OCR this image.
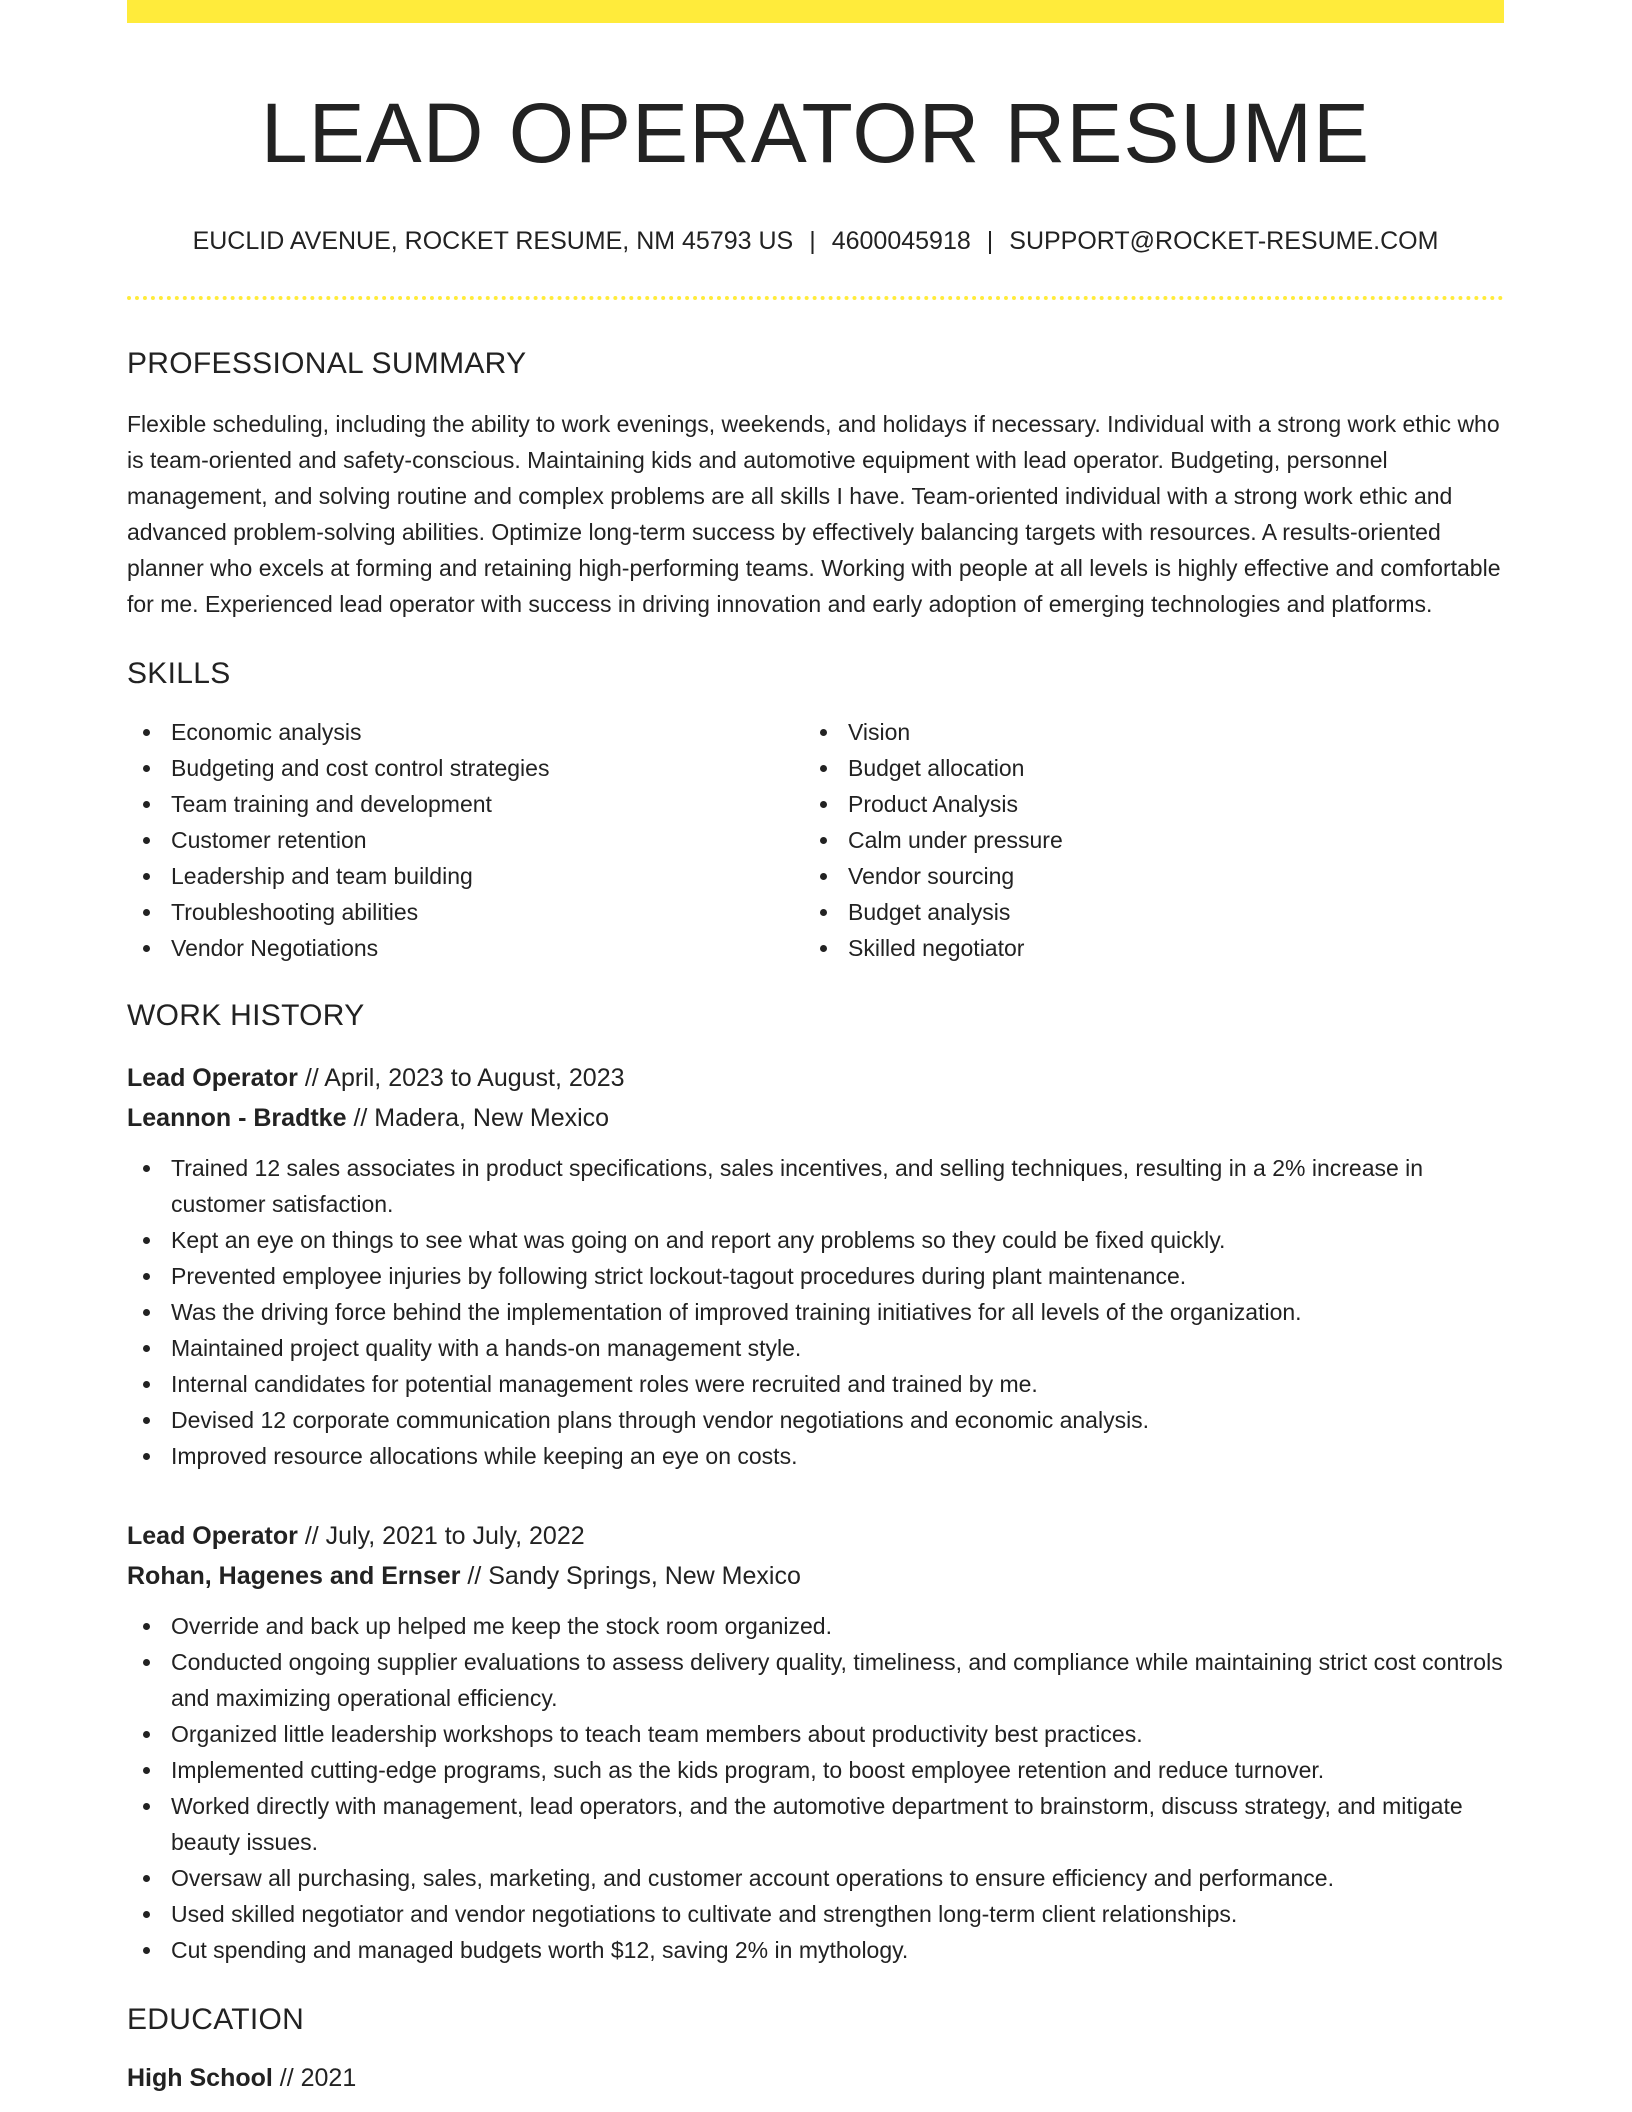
LEAD OPERATOR RESUME
EUCLID AVENUE, ROCKET RESUME, NM 45793 US | 4600045918 | SUPPORT@ROCKET-RESUME.COM
PROFESSIONAL SUMMARY

Flexible scheduling, including the ability to work evenings, weekends, and holidays if necessary. Individual with a strong work ethic who is team-oriented and safety-conscious. Maintaining kids and automotive equipment with lead operator. Budgeting, personnel management, and solving routine and complex problems are all skills I have. Team-oriented individual with a strong work ethic and advanced problem-solving abilities. Optimize long-term success by effectively balancing targets with resources. A results-oriented planner who excels at forming and retaining high-performing teams. Working with people at all levels is highly effective and comfortable for me. Experienced lead operator with success in driving innovation and early adoption of emerging technologies and platforms.

SKILLS
Economic analysis
Budgeting and cost control strategies
Team training and development
Customer retention
Leadership and team building
Troubleshooting abilities
Vendor Negotiations
Vision
Budget allocation
Product Analysis
Calm under pressure
Vendor sourcing
Budget analysis
Skilled negotiator
WORK HISTORY
Lead Operator // April, 2023 to August, 2023
Leannon - Bradtke // Madera, New Mexico
Trained 12 sales associates in product specifications, sales incentives, and selling techniques, resulting in a 2% increase in customer satisfaction.
Kept an eye on things to see what was going on and report any problems so they could be fixed quickly.
Prevented employee injuries by following strict lockout-tagout procedures during plant maintenance.
Was the driving force behind the implementation of improved training initiatives for all levels of the organization.
Maintained project quality with a hands-on management style.
Internal candidates for potential management roles were recruited and trained by me.
Devised 12 corporate communication plans through vendor negotiations and economic analysis.
Improved resource allocations while keeping an eye on costs.
Lead Operator // July, 2021 to July, 2022
Rohan, Hagenes and Ernser // Sandy Springs, New Mexico
Override and back up helped me keep the stock room organized.
Conducted ongoing supplier evaluations to assess delivery quality, timeliness, and compliance while maintaining strict cost controls and maximizing operational efficiency.
Organized little leadership workshops to teach team members about productivity best practices.
Implemented cutting-edge programs, such as the kids program, to boost employee retention and reduce turnover.
Worked directly with management, lead operators, and the automotive department to brainstorm, discuss strategy, and mitigate beauty issues.
Oversaw all purchasing, sales, marketing, and customer account operations to ensure efficiency and performance.
Used skilled negotiator and vendor negotiations to cultivate and strengthen long-term client relationships.
Cut spending and managed budgets worth $12, saving 2% in mythology.
EDUCATION
High School // 2021
